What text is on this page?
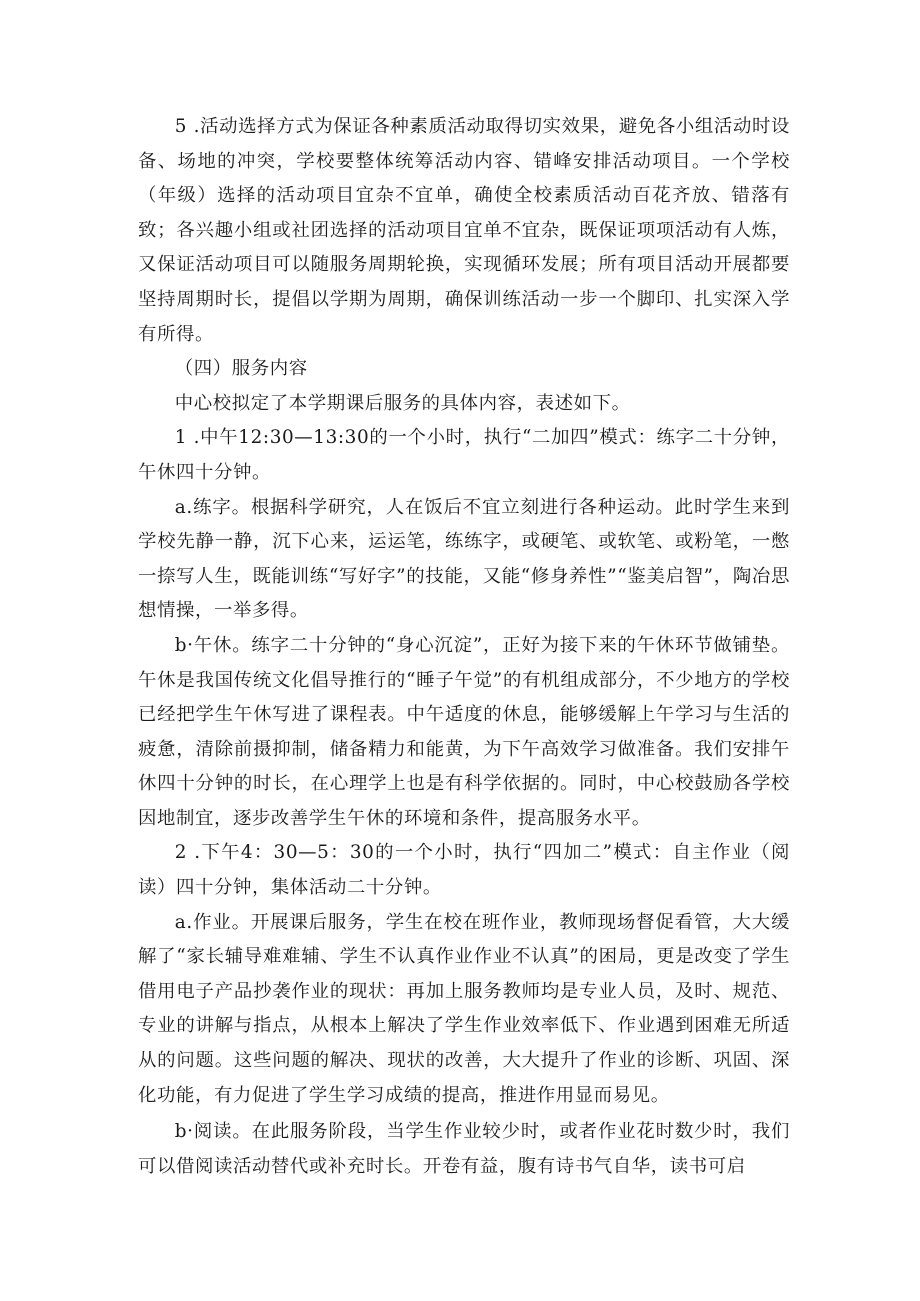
5 .活动选择方式为保证各种素质活动取得切实效果，避免各小组活动时设备、场地的冲突，学校要整体统筹活动内容、错峰安排活动项目。一个学校（年级）选择的活动项目宜杂不宜单，确使全校素质活动百花齐放、错落有致；各兴趣小组或社团选择的活动项目宜单不宜杂，既保证项项活动有人炼，又保证活动项目可以随服务周期轮换，实现循环发展；所有项目活动开展都要坚持周期时长，提倡以学期为周期，确保训练活动一步一个脚印、扎实深入学有所得。

（四）服务内容

中心校拟定了本学期课后服务的具体内容，表述如下。

1 .中午12:30—13:30的一个小时，执行“二加四”模式：练字二十分钟，午休四十分钟。

a.练字。根据科学研究，人在饭后不宜立刻进行各种运动。此时学生来到学校先静一静，沉下心来，运运笔，练练字，或硬笔、或软笔、或粉笔，一憋一捺写人生，既能训练“写好字”的技能，又能“修身养性”“鉴美启智”，陶冶思想情操，一举多得。

b·午休。练字二十分钟的“身心沉淀”，正好为接下来的午休环节做铺垫。午休是我国传统文化倡导推行的“睡子午觉”的有机组成部分，不少地方的学校已经把学生午休写进了课程表。中午适度的休息，能够缓解上午学习与生活的疲惫，清除前摄抑制，储备精力和能黄，为下午高效学习做准备。我们安排午休四十分钟的时长，在心理学上也是有科学依据的。同时，中心校鼓励各学校因地制宜，逐步改善学生午休的环境和条件，提高服务水平。

2 .下午4：30—5：30的一个小时，执行“四加二”模式：自主作业（阅读）四十分钟，集体活动二十分钟。

a.作业。开展课后服务，学生在校在班作业，教师现场督促看管，大大缓解了“家长辅导难难辅、学生不认真作业作业不认真”的困局，更是改变了学生借用电子产品抄袭作业的现状：再加上服务教师均是专业人员，及时、规范、专业的讲解与指点，从根本上解决了学生作业效率低下、作业遇到困难无所适从的问题。这些问题的解决、现状的改善，大大提升了作业的诊断、巩固、深化功能，有力促进了学生学习成绩的提高，推进作用显而易见。

b·阅读。在此服务阶段，当学生作业较少时，或者作业花时数少时，我们可以借阅读活动替代或补充时长。开卷有益，腹有诗书气自华，读书可启
